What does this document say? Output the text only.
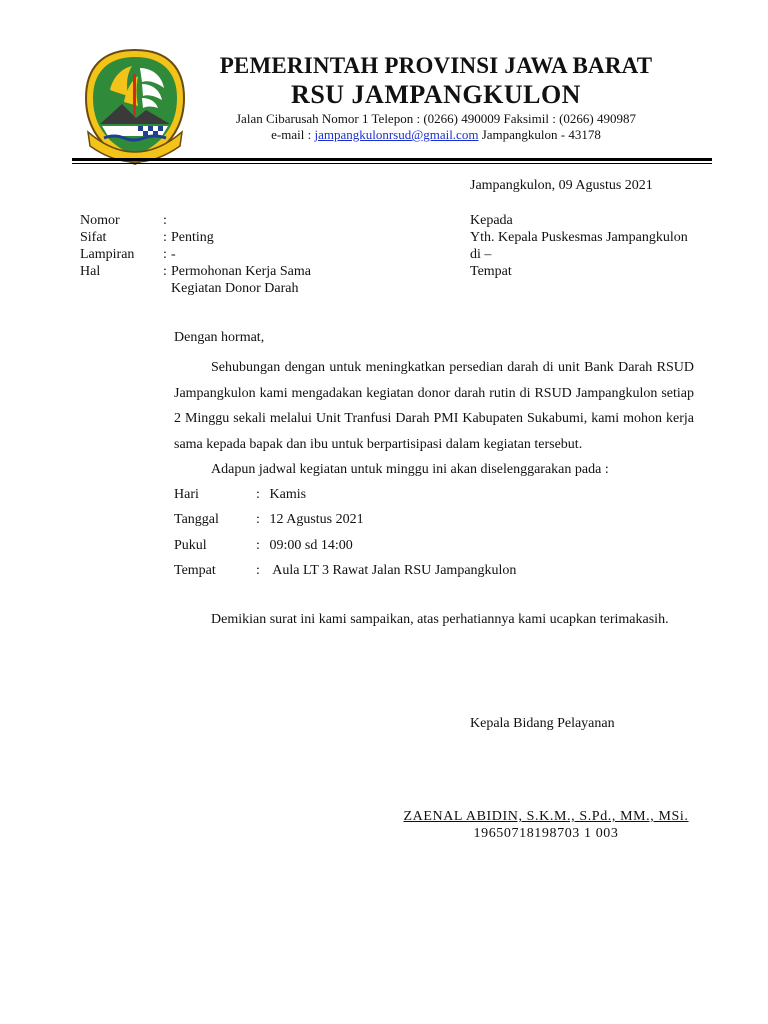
PEMERINTAH PROVINSI JAWA BARAT
RSU JAMPANGKULON
Jalan Cibarusah Nomor 1 Telepon : (0266) 490009 Faksimil : (0266) 490987
e-mail : jampangkulonrsud@gmail.com Jampangkulon - 43178
Jampangkulon, 09 Agustus 2021
Nomor	:
Sifat	: Penting
Lampiran	: -
Hal	: Permohonan Kerja Sama
Kegiatan Donor Darah
Kepada
Yth. Kepala Puskesmas Jampangkulon
di –
Tempat
Dengan hormat,
Sehubungan dengan untuk meningkatkan persedian darah di unit Bank Darah RSUD Jampangkulon kami mengadakan kegiatan donor darah rutin di RSUD Jampangkulon setiap 2 Minggu sekali melalui Unit Tranfusi Darah PMI Kabupaten Sukabumi, kami mohon kerja sama kepada bapak dan ibu untuk berpartisipasi dalam kegiatan tersebut.
Adapun jadwal kegiatan untuk minggu ini akan diselenggarakan pada :
Hari	: Kamis
Tanggal	: 12 Agustus 2021
Pukul	: 09:00 sd 14:00
Tempat	: Aula LT 3 Rawat Jalan RSU Jampangkulon
Demikian surat ini kami sampaikan, atas perhatiannya kami ucapkan terimakasih.
Kepala Bidang Pelayanan
ZAENAL ABIDIN, S.K.M., S.Pd., MM., MSi.
19650718198703 1 003
